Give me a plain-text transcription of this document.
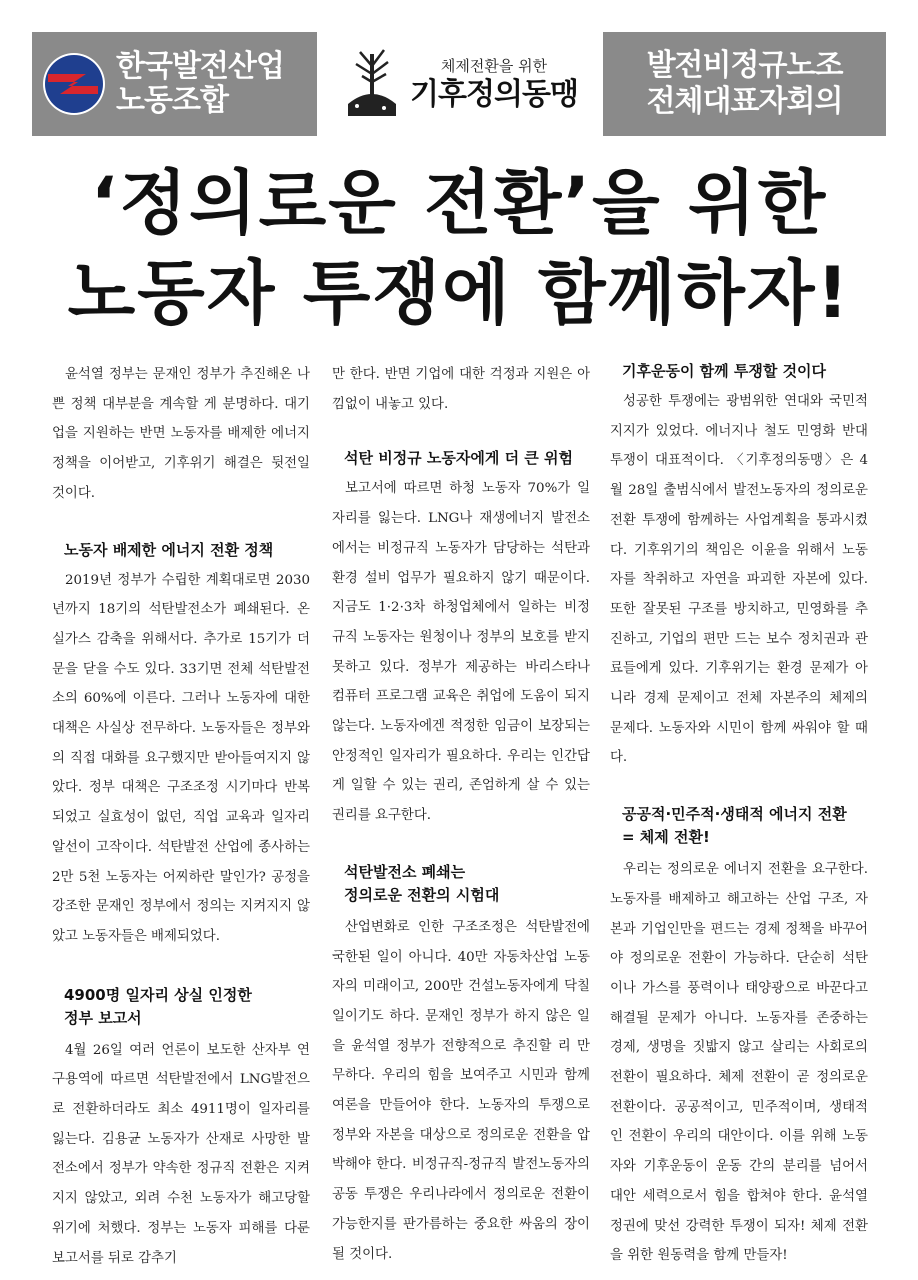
한국발전산업
노동조합
체제전환을 위한
기후정의동맹
발전비정규노조
전체대표자회의
‘정의로운 전환’을 위한
노동자 투쟁에 함께하자!

윤석열 정부는 문재인 정부가 추진해온 나쁜 정책 대부분을 계속할 게 분명하다. 대기업을 지원하는 반면 노동자를 배제한 에너지 정책을 이어받고, 기후위기 해결은 뒷전일 것이다.

노동자 배제한 에너지 전환 정책

2019년 정부가 수립한 계획대로면 2030년까지 18기의 석탄발전소가 폐쇄된다. 온실가스 감축을 위해서다. 추가로 15기가 더 문을 닫을 수도 있다. 33기면 전체 석탄발전소의 60%에 이른다. 그러나 노동자에 대한 대책은 사실상 전무하다. 노동자들은 정부와의 직접 대화를 요구했지만 받아들여지지 않았다. 정부 대책은 구조조정 시기마다 반복되었고 실효성이 없던, 직업 교육과 일자리 알선이 고작이다. 석탄발전 산업에 종사하는 2만 5천 노동자는 어찌하란 말인가? 공정을 강조한 문재인 정부에서 정의는 지켜지지 않았고 노동자들은 배제되었다.

4900명 일자리 상실 인정한
정부 보고서

4월 26일 여러 언론이 보도한 산자부 연구용역에 따르면 석탄발전에서 LNG발전으로 전환하더라도 최소 4911명이 일자리를 잃는다. 김용균 노동자가 산재로 사망한 발전소에서 정부가 약속한 정규직 전환은 지켜지지 않았고, 외려 수천 노동자가 해고당할 위기에 처했다. 정부는 노동자 피해를 다룬 보고서를 뒤로 감추기

만 한다. 반면 기업에 대한 걱정과 지원은 아낌없이 내놓고 있다.

석탄 비정규 노동자에게 더 큰 위험

보고서에 따르면 하청 노동자 70%가 일자리를 잃는다. LNG나 재생에너지 발전소에서는 비정규직 노동자가 담당하는 석탄과 환경 설비 업무가 필요하지 않기 때문이다. 지금도 1·2·3차 하청업체에서 일하는 비정규직 노동자는 원청이나 정부의 보호를 받지 못하고 있다. 정부가 제공하는 바리스타나 컴퓨터 프로그램 교육은 취업에 도움이 되지 않는다. 노동자에겐 적정한 임금이 보장되는 안정적인 일자리가 필요하다. 우리는 인간답게 일할 수 있는 권리, 존엄하게 살 수 있는 권리를 요구한다.

석탄발전소 폐쇄는
정의로운 전환의 시험대

산업변화로 인한 구조조정은 석탄발전에 국한된 일이 아니다. 40만 자동차산업 노동자의 미래이고, 200만 건설노동자에게 닥칠 일이기도 하다. 문재인 정부가 하지 않은 일을 윤석열 정부가 전향적으로 추진할 리 만무하다. 우리의 힘을 보여주고 시민과 함께 여론을 만들어야 한다. 노동자의 투쟁으로 정부와 자본을 대상으로 정의로운 전환을 압박해야 한다. 비정규직-정규직 발전노동자의 공동 투쟁은 우리나라에서 정의로운 전환이 가능한지를 판가름하는 중요한 싸움의 장이 될 것이다.

기후운동이 함께 투쟁할 것이다

성공한 투쟁에는 광범위한 연대와 국민적 지지가 있었다. 에너지나 철도 민영화 반대 투쟁이 대표적이다. 〈기후정의동맹〉은 4월 28일 출범식에서 발전노동자의 정의로운 전환 투쟁에 함께하는 사업계획을 통과시켰다. 기후위기의 책임은 이윤을 위해서 노동자를 착취하고 자연을 파괴한 자본에 있다. 또한 잘못된 구조를 방치하고, 민영화를 추진하고, 기업의 편만 드는 보수 정치권과 관료들에게 있다. 기후위기는 환경 문제가 아니라 경제 문제이고 전체 자본주의 체제의 문제다. 노동자와 시민이 함께 싸워야 할 때다.

공공적·민주적·생태적 에너지 전환
= 체제 전환!

우리는 정의로운 에너지 전환을 요구한다. 노동자를 배제하고 해고하는 산업 구조, 자본과 기업인만을 편드는 경제 정책을 바꾸어야 정의로운 전환이 가능하다. 단순히 석탄이나 가스를 풍력이나 태양광으로 바꾼다고 해결될 문제가 아니다. 노동자를 존중하는 경제, 생명을 짓밟지 않고 살리는 사회로의 전환이 필요하다. 체제 전환이 곧 정의로운 전환이다. 공공적이고, 민주적이며, 생태적인 전환이 우리의 대안이다. 이를 위해 노동자와 기후운동이 운동 간의 분리를 넘어서 대안 세력으로서 힘을 합쳐야 한다. 윤석열 정권에 맞선 강력한 투쟁이 되자! 체제 전환을 위한 원동력을 함께 만들자!
